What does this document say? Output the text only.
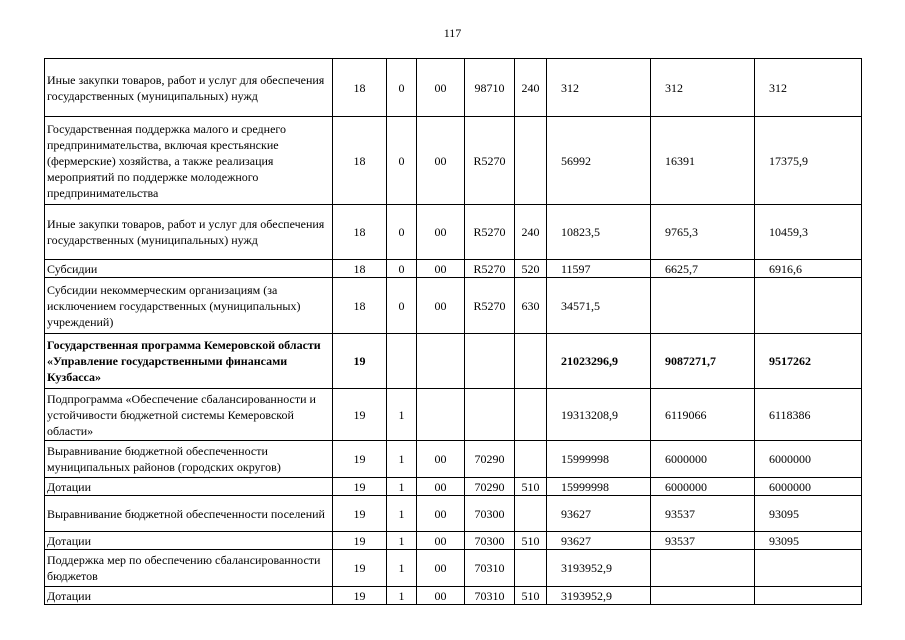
117
Иные закупки товаров, работ и услуг для обеспечения государственных (муниципальных) нужд	18	0	00	98710	240	312	312	312
Государственная поддержка малого и среднего предпринимательства, включая крестьянские (фермерские) хозяйства, а также реализация мероприятий по поддержке молодежного предпринимательства	18	0	00	R5270		56992	16391	17375,9
Иные закупки товаров, работ и услуг для обеспечения государственных (муниципальных) нужд	18	0	00	R5270	240	10823,5	9765,3	10459,3
Субсидии	18	0	00	R5270	520	11597	6625,7	6916,6
Субсидии некоммерческим организациям (за исключением государственных (муниципальных) учреждений)	18	0	00	R5270	630	34571,5		
Государственная программа Кемеровской области «Управление государственными финансами Кузбасса»	19					21023296,9	9087271,7	9517262
Подпрограмма «Обеспечение сбалансированности и устойчивости бюджетной системы Кемеровской области»	19	1				19313208,9	6119066	6118386
Выравнивание бюджетной обеспеченности муниципальных районов (городских округов)	19	1	00	70290		15999998	6000000	6000000
Дотации	19	1	00	70290	510	15999998	6000000	6000000
Выравнивание бюджетной обеспеченности поселений	19	1	00	70300		93627	93537	93095
Дотации	19	1	00	70300	510	93627	93537	93095
Поддержка мер по обеспечению сбалансированности бюджетов	19	1	00	70310		3193952,9		
Дотации	19	1	00	70310	510	3193952,9		
